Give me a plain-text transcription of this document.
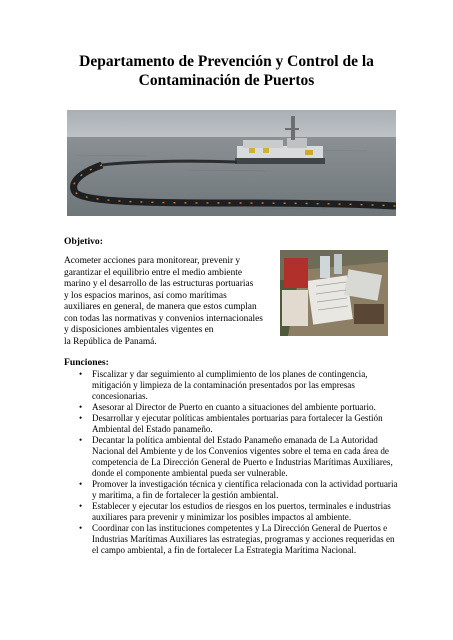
Departamento de Prevención y Control de la
Contaminación de Puertos
Objetivo:
Acometer acciones para monitorear, prevenir y
garantizar el equilibrio entre el medio ambiente
marino y el desarrollo de las estructuras portuarias
y los espacios marinos, así como marítimas
auxiliares en general, de manera que estos cumplan
con todas las normativas y convenios internacionales
y disposiciones ambientales vigentes en
la República de Panamá.
Funciones:
• Fiscalizar y dar seguimiento al cumplimiento de los planes de contingencia, mitigación y limpieza de la contaminación presentados por las empresas concesionarias.
• Asesorar al Director de Puerto en cuanto a situaciones del ambiente portuario.
• Desarrollar y ejecutar políticas ambientales portuarias para fortalecer la Gestión Ambiental del Estado panameño.
• Decantar la política ambiental del Estado Panameño emanada de La Autoridad Nacional del Ambiente y de los Convenios vigentes sobre el tema en cada área de competencia de La Dirección General de Puerto e Industrias Marítimas Auxiliares, donde el componente ambiental pueda ser vulnerable.
• Promover la investigación técnica y científica relacionada con la actividad portuaria y marítima, a fin de fortalecer la gestión ambiental.
• Establecer y ejecutar los estudios de riesgos en los puertos, terminales e industrias auxiliares para prevenir y minimizar los posibles impactos al ambiente.
• Coordinar con las instituciones competentes y La Dirección General de Puertos e Industrias Marítimas Auxiliares las estrategias, programas y acciones requeridas en el campo ambiental, a fin de fortalecer La Estrategia Marítima Nacional.
